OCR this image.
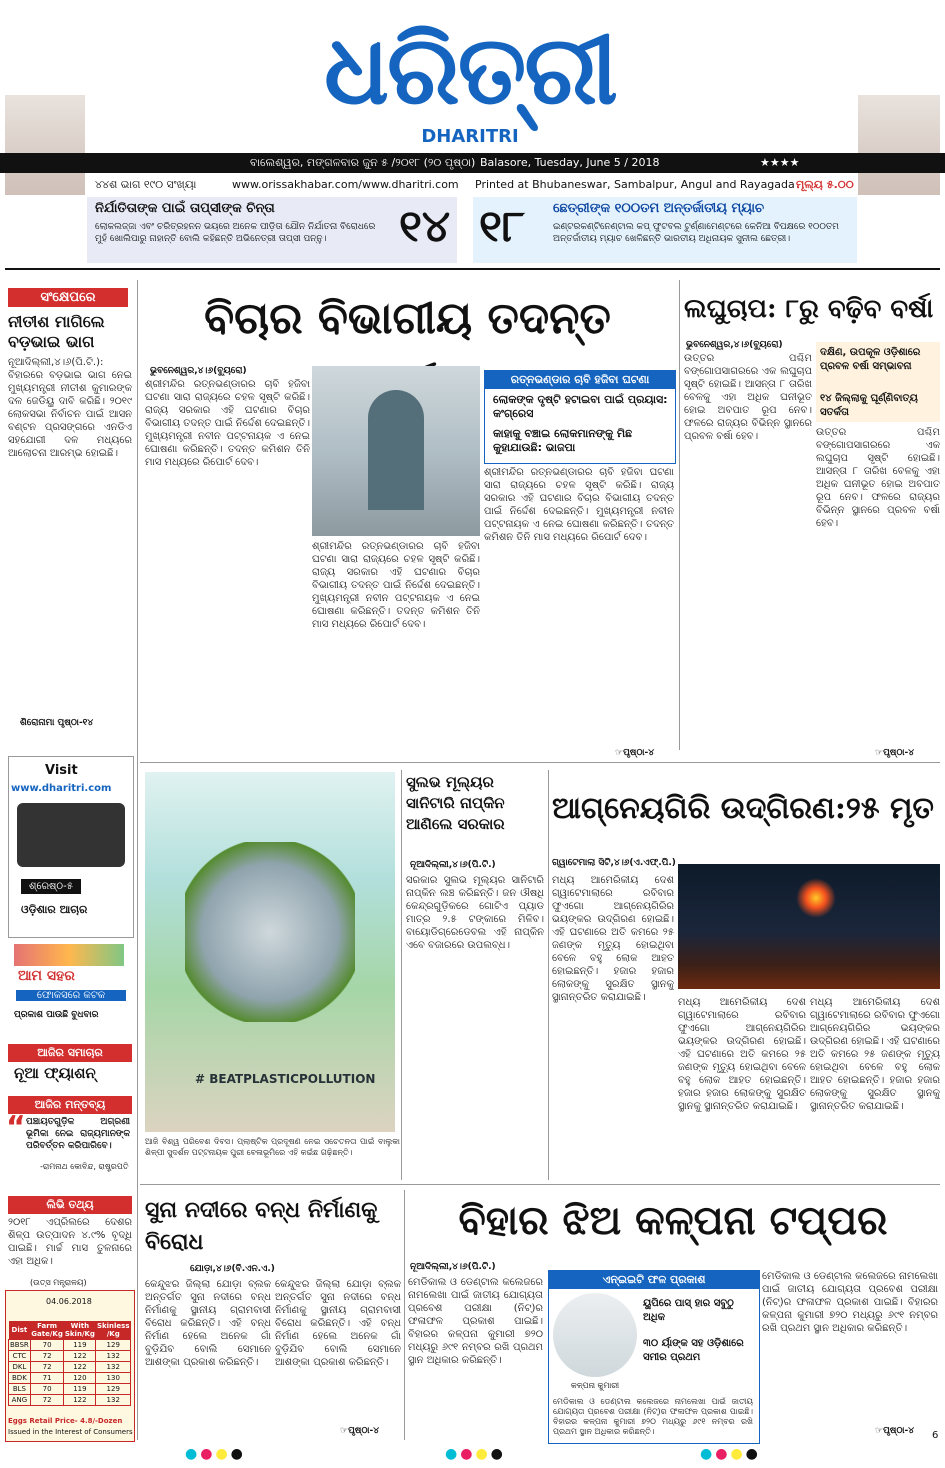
ଧରିତ୍ରୀ
DHARITRI
ବାଲେଶ୍ୱର, ମଙ୍ଗଳବାର ଜୁନ ୫ /୨୦୧୮ (୨୦ ପୃଷ୍ଠା) Balasore, Tuesday, June 5 / 2018	★★★★
୪୪ଶ ଭାଗ ୧୯୦ ସଂଖ୍ୟା	www.orissakhabar.com/www.dharitri.com Printed at Bhubaneswar, Sambalpur, Angul and Rayagada ମୂଲ୍ୟ ୫.୦୦
ନିର୍ଯାତିତାଙ୍କ ପାଇଁ ତାପ୍ସୀଙ୍କ ଚିନ୍ତା
ଲୋକଲଜ୍ଜା ଏବଂ ଚରିତ୍ରହନନ ଭୟରେ ଅନେକ ପୀଡ଼ିତା ଯୌନ ନିର୍ଯାତନା ବିରୋଧରେ ମୁହଁ ଖୋଲିପାରୁ ନାହାନ୍ତି ବୋଲି କହିଛନ୍ତି ଅଭିନେତ୍ରୀ ତାପ୍ସୀ ପନ୍ନୁ।	୧୪ ୧୮ ଛେତ୍ରୀଙ୍କ ୧୦୦ତମ ଅନ୍ତର୍ଜାତୀୟ ମ୍ୟାଚ
ଇଣ୍ଟରକଣ୍ଟିନେଣ୍ଟାଲ କପ୍ ଫୁଟବଲ ଟୁର୍ଣ୍ଣାମେଣ୍ଟରେ କେନିଆ ବିପକ୍ଷରେ ୧୦୦ତମ ଅନ୍ତର୍ଜାତୀୟ ମ୍ୟାଚ ଖେଳିଛନ୍ତି ଭାରତୀୟ ଅଧିନାୟକ ସୁନୀଲ ଛେତ୍ରୀ।
ସଂକ୍ଷେପରେ
ନୀତୀଶ ମାଗିଲେ ବଡ଼ଭାଇ ଭାଗ
ନୂଆଦିଲ୍ଲୀ,୪।୬(ପି.ଟି.): ବିହାରରେ ବଡ଼ଭାଇ ଭାଗ ନେଇ ମୁଖ୍ୟମନ୍ତ୍ରୀ ନୀତୀଶ କୁମାରଙ୍କ ଦଳ ଜେଡିୟୁ ଦାବି କରିଛି। ୨୦୧୯ ଲୋକସଭା ନିର୍ବାଚନ ପାଇଁ ଆସନ ବଣ୍ଟନ ପ୍ରସଙ୍ଗରେ ଏନଡିଏ ସହଯୋଗୀ ଦଳ ମଧ୍ୟରେ ଆଲୋଚନା ଆରମ୍ଭ ହୋଇଛି।
ଶିରୋନାମା ପୃଷ୍ଠା-୧୪
Visit
www.dharitri.com
ଶ୍ରେଷ୍ଠ-୫
ଓଡ଼ିଶାର ଆଚାର
ଆମ ସହର
ଫୋକସରେ କଟକ
ପ୍ରକାଶ ପାଉଛି ବୁଧବାର
ଆଜିର ସମାଚାର
ନୂଆ ଫ୍ୟାଶନ୍
ଆଜିର ମନ୍ତବ୍ୟ
“ ପଞ୍ଚାୟତଗୁଡ଼ିକ ଅଗ୍ରଣୀ ଭୂମିକା ନେଇ ରାଜ୍ୟମାନଙ୍କ ପରିବର୍ତ୍ତନ କରିପାରିବେ।
-ରାମନାଥ କୋବିନ୍ଦ, ରାଷ୍ଟ୍ରପତି
ଲିଭି ତଥ୍ୟ
୨୦୧୮ ଏପ୍ରିଲରେ ଦେଶର ଶିଳ୍ପ ଉତ୍ପାଦନ ୪.୯% ବୃଦ୍ଧି ପାଇଛି। ମାର୍ଚ୍ଚ ମାସ ତୁଳନାରେ ଏହା ଅଧିକ।
(ଉତ୍ସ ମନ୍ତ୍ରାଳୟ)
04.06.2018
Dist	Farm Gate/Kg	With Skin/Kg	Skinless /Kg
BBSR	70	119	129
CTC	72	122	132
DKL	72	122	132
BDK	71	120	130
BLS	70	119	129
ANG	72	122	132
Eggs Retail Price- 4.8/-Dozen
Issued in the Interest of Consumers
ବିଚାର ବିଭାଗୀୟ ତଦନ୍ତ
ଭୁବନେଶ୍ୱର,୪।୬(ବ୍ୟୁରୋ)
ଶ୍ରୀମନ୍ଦିର ରତ୍ନଭଣ୍ଡାରର ଚାବି ହଜିବା ଘଟଣା ସାରା ରାଜ୍ୟରେ ଚହଳ ସୃଷ୍ଟି କରିଛି। ରାଜ୍ୟ ସରକାର ଏହି ଘଟଣାର ବିଚାର ବିଭାଗୀୟ ତଦନ୍ତ ପାଇଁ ନିର୍ଦ୍ଦେଶ ଦେଇଛନ୍ତି। ମୁଖ୍ୟମନ୍ତ୍ରୀ ନବୀନ ପଟ୍ଟନାୟକ ଏ ନେଇ ଘୋଷଣା କରିଛନ୍ତି। ତଦନ୍ତ କମିଶନ ତିନି ମାସ ମଧ୍ୟରେ ରିପୋର୍ଟ ଦେବ।
ରତ୍ନଭଣ୍ଡାର ଚାବି ହଜିବା ଘଟଣା
ଲୋକଙ୍କ ଦୃଷ୍ଟି ହଟାଇବା ପାଇଁ ପ୍ରୟାସ: କଂଗ୍ରେସ
କାହାକୁ ବଞ୍ଚାଇ ଲୋକମାନଙ୍କୁ ମିଛ କୁହାଯାଉଛି: ଭାଜପା
ଶ୍ରୀମନ୍ଦିର ରତ୍ନଭଣ୍ଡାରର ଚାବି ହଜିବା ଘଟଣା ସାରା ରାଜ୍ୟରେ ଚହଳ ସୃଷ୍ଟି କରିଛି। ରାଜ୍ୟ ସରକାର ଏହି ଘଟଣାର ବିଚାର ବିଭାଗୀୟ ତଦନ୍ତ ପାଇଁ ନିର୍ଦ୍ଦେଶ ଦେଇଛନ୍ତି। ମୁଖ୍ୟମନ୍ତ୍ରୀ ନବୀନ ପଟ୍ଟନାୟକ ଏ ନେଇ ଘୋଷଣା କରିଛନ୍ତି। ତଦନ୍ତ କମିଶନ ତିନି ମାସ ମଧ୍ୟରେ ରିପୋର୍ଟ ଦେବ।
ଶ୍ରୀମନ୍ଦିର ରତ୍ନଭଣ୍ଡାରର ଚାବି ହଜିବା ଘଟଣା ସାରା ରାଜ୍ୟରେ ଚହଳ ସୃଷ୍ଟି କରିଛି। ରାଜ୍ୟ ସରକାର ଏହି ଘଟଣାର ବିଚାର ବିଭାଗୀୟ ତଦନ୍ତ ପାଇଁ ନିର୍ଦ୍ଦେଶ ଦେଇଛନ୍ତି। ମୁଖ୍ୟମନ୍ତ୍ରୀ ନବୀନ ପଟ୍ଟନାୟକ ଏ ନେଇ ଘୋଷଣା କରିଛନ୍ତି। ତଦନ୍ତ କମିଶନ ତିନି ମାସ ମଧ୍ୟରେ ରିପୋର୍ଟ ଦେବ।
☞ପୃଷ୍ଠା-୪
ଲଘୁଚାପ: ୮ରୁ ବଢ଼ିବ ବର୍ଷା
ଭୁବନେଶ୍ୱର,୪।୬(ବ୍ୟୁରୋ)
ଉତ୍ତର ପଶ୍ଚିମ ବଙ୍ଗୋପସାଗରରେ ଏକ ଲଘୁଚାପ ସୃଷ୍ଟି ହୋଇଛି। ଆସନ୍ତା ୮ ତାରିଖ ବେଳକୁ ଏହା ଅଧିକ ଘନୀଭୂତ ହୋଇ ଅବପାତ ରୂପ ନେବ। ଫଳରେ ରାଜ୍ୟର ବିଭିନ୍ନ ସ୍ଥାନରେ ପ୍ରବଳ ବର୍ଷା ହେବ।
ଦକ୍ଷିଣ, ଉପକୂଳ ଓଡ଼ିଶାରେ ପ୍ରବଳ ବର୍ଷା ସମ୍ଭାବନା
୧୪ ଜିଲ୍ଲାକୁ ଘୂର୍ଣ୍ଣିବାତ୍ୟ ସତର୍କତା
ଉତ୍ତର ପଶ୍ଚିମ ବଙ୍ଗୋପସାଗରରେ ଏକ ଲଘୁଚାପ ସୃଷ୍ଟି ହୋଇଛି। ଆସନ୍ତା ୮ ତାରିଖ ବେଳକୁ ଏହା ଅଧିକ ଘନୀଭୂତ ହୋଇ ଅବପାତ ରୂପ ନେବ। ଫଳରେ ରାଜ୍ୟର ବିଭିନ୍ନ ସ୍ଥାନରେ ପ୍ରବଳ ବର୍ଷା ହେବ।
☞ପୃଷ୍ଠା-୪
# BEATPLASTICPOLLUTION
ଆଜି ବିଶ୍ୱ ପରିବେଶ ଦିବସ। ପ୍ଲାଷ୍ଟିକ ପ୍ରଦୂଷଣ ନେଇ ସଚେତନତା ପାଇଁ ବାଲୁକା ଶିଳ୍ପୀ ସୁଦର୍ଶନ ପଟ୍ଟନାୟକ ପୁରୀ ବେଳାଭୂମିରେ ଏହି କଇଁଛ ଗଢ଼ିଛନ୍ତି।
ସୁଲଭ ମୂଲ୍ୟର ସାନିଟାରି ନାପ୍‌କିନ ଆଣିଲେ ସରକାର
ନୂଆଦିଲ୍ଲୀ,୪।୬(ପି.ଟି.)
ସରକାର ସୁଲଭ ମୂଲ୍ୟର ସାନିଟାରି ନାପ୍‌କିନ ଲଞ୍ଚ କରିଛନ୍ତି। ଜନ ଔଷଧି କେନ୍ଦ୍ରଗୁଡ଼ିକରେ ଗୋଟିଏ ପ୍ୟାଡ ମାତ୍ର ୨.୫ ଟଙ୍କାରେ ମିଳିବ। ବାୟୋଡିଗ୍ରେଡେବଲ ଏହି ନାପ୍‌କିନ ଏବେ ବଜାରରେ ଉପଲବ୍ଧ।
ଆଗ୍ନେୟଗିରି ଉଦ୍‌ଗିରଣ:୨୫ ମୃତ
ଗ୍ୱାଟେମାଲା ସିଟି,୪।୬(ଏ.ଏଫ୍.ପି.)
ମଧ୍ୟ ଆମେରିକୀୟ ଦେଶ ଗ୍ୱାଟେମାଲାରେ ରବିବାର ଫୁଏଗୋ ଆଗ୍ନେୟଗିରିର ଭୟଙ୍କର ଉଦ୍‌ଗିରଣ ହୋଇଛି। ଏହି ଘଟଣାରେ ଅତି କମରେ ୨୫ ଜଣଙ୍କ ମୃତ୍ୟୁ ହୋଇଥିବା ବେଳେ ବହୁ ଲୋକ ଆହତ ହୋଇଛନ୍ତି। ହଜାର ହଜାର ଲୋକଙ୍କୁ ସୁରକ୍ଷିତ ସ୍ଥାନକୁ ସ୍ଥାନାନ୍ତରିତ କରାଯାଇଛି।	ମଧ୍ୟ ଆମେରିକୀୟ ଦେଶ ଗ୍ୱାଟେମାଲାରେ ରବିବାର ଫୁଏଗୋ ଆଗ୍ନେୟଗିରିର ଭୟଙ୍କର ଉଦ୍‌ଗିରଣ ହୋଇଛି। ଏହି ଘଟଣାରେ ଅତି କମରେ ୨୫ ଜଣଙ୍କ ମୃତ୍ୟୁ ହୋଇଥିବା ବେଳେ ବହୁ ଲୋକ ଆହତ ହୋଇଛନ୍ତି। ହଜାର ହଜାର ଲୋକଙ୍କୁ ସୁରକ୍ଷିତ ସ୍ଥାନକୁ ସ୍ଥାନାନ୍ତରିତ କରାଯାଇଛି।
ମଧ୍ୟ ଆମେରିକୀୟ ଦେଶ ଗ୍ୱାଟେମାଲାରେ ରବିବାର ଫୁଏଗୋ ଆଗ୍ନେୟଗିରିର ଭୟଙ୍କର ଉଦ୍‌ଗିରଣ ହୋଇଛି। ଏହି ଘଟଣାରେ ଅତି କମରେ ୨୫ ଜଣଙ୍କ ମୃତ୍ୟୁ ହୋଇଥିବା ବେଳେ ବହୁ ଲୋକ ଆହତ ହୋଇଛନ୍ତି। ହଜାର ହଜାର ଲୋକଙ୍କୁ ସୁରକ୍ଷିତ ସ୍ଥାନକୁ ସ୍ଥାନାନ୍ତରିତ କରାଯାଇଛି।
ସୁନା ନଦୀରେ ବନ୍ଧ ନିର୍ମାଣକୁ ବିରୋଧ
ଯୋଡ଼ା,୪।୬(ବି.ଏନ.ଏ.)
କେନ୍ଦୁଝର ଜିଲ୍ଲା ଯୋଡ଼ା ବ୍ଲକ ଅନ୍ତର୍ଗତ ସୁନା ନଦୀରେ ବନ୍ଧ ନିର୍ମାଣକୁ ସ୍ଥାନୀୟ ଗ୍ରାମବାସୀ ବିରୋଧ କରିଛନ୍ତି। ଏହି ବନ୍ଧ ନିର୍ମାଣ ହେଲେ ଅନେକ ଗାଁ ବୁଡ଼ିଯିବ ବୋଲି ସେମାନେ ଆଶଙ୍କା ପ୍ରକାଶ କରିଛନ୍ତି।
କେନ୍ଦୁଝର ଜିଲ୍ଲା ଯୋଡ଼ା ବ୍ଲକ ଅନ୍ତର୍ଗତ ସୁନା ନଦୀରେ ବନ୍ଧ ନିର୍ମାଣକୁ ସ୍ଥାନୀୟ ଗ୍ରାମବାସୀ ବିରୋଧ କରିଛନ୍ତି। ଏହି ବନ୍ଧ ନିର୍ମାଣ ହେଲେ ଅନେକ ଗାଁ ବୁଡ଼ିଯିବ ବୋଲି ସେମାନେ ଆଶଙ୍କା ପ୍ରକାଶ କରିଛନ୍ତି।
☞ପୃଷ୍ଠା-୪
ବିହାର ଝିଅ କଳ୍ପନା ଟପ୍ପର
ନୂଆଦିଲ୍ଲୀ,୪।୬(ପି.ଟି.)
ମେଡିକାଲ ଓ ଡେଣ୍ଟାଲ କଲେଜରେ ନାମଲେଖା ପାଇଁ ଜାତୀୟ ଯୋଗ୍ୟତା ପ୍ରବେଶ ପରୀକ୍ଷା (ନିଟ୍)ର ଫଳାଫଳ ପ୍ରକାଶ ପାଇଛି। ବିହାରର କଳ୍ପନା କୁମାରୀ ୭୨୦ ମଧ୍ୟରୁ ୬୯୧ ନମ୍ବର ରଖି ପ୍ରଥମ ସ୍ଥାନ ଅଧିକାର କରିଛନ୍ତି।
ଏନ୍‌ଇଇଟି ଫଳ ପ୍ରକାଶ
କଳ୍ପନା କୁମାରୀ
ୟୁପିରେ ପାସ୍ ହାର ସବୁଠୁ ଅଧିକ
୩୦ ର୍ୟାଙ୍କ ସହ ଓଡ଼ିଶାରେ ସମୀର ପ୍ରଥମ
ମେଡିକାଲ ଓ ଡେଣ୍ଟାଲ କଲେଜରେ ନାମଲେଖା ପାଇଁ ଜାତୀୟ ଯୋଗ୍ୟତା ପ୍ରବେଶ ପରୀକ୍ଷା (ନିଟ୍)ର ଫଳାଫଳ ପ୍ରକାଶ ପାଇଛି। ବିହାରର କଳ୍ପନା କୁମାରୀ ୭୨୦ ମଧ୍ୟରୁ ୬୯୧ ନମ୍ବର ରଖି ପ୍ରଥମ ସ୍ଥାନ ଅଧିକାର କରିଛନ୍ତି।
ମେଡିକାଲ ଓ ଡେଣ୍ଟାଲ କଲେଜରେ ନାମଲେଖା ପାଇଁ ଜାତୀୟ ଯୋଗ୍ୟତା ପ୍ରବେଶ ପରୀକ୍ଷା (ନିଟ୍)ର ଫଳାଫଳ ପ୍ରକାଶ ପାଇଛି। ବିହାରର କଳ୍ପନା କୁମାରୀ ୭୨୦ ମଧ୍ୟରୁ ୬୯୧ ନମ୍ବର ରଖି ପ୍ରଥମ ସ୍ଥାନ ଅଧିକାର କରିଛନ୍ତି।
☞ପୃଷ୍ଠା-୪
●●●●	●●●●	●●●●
6
